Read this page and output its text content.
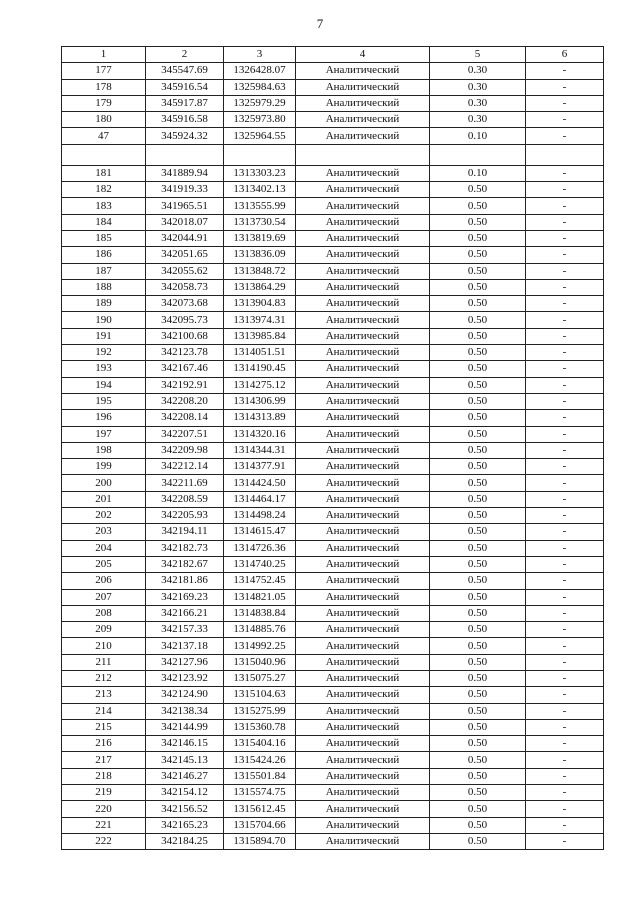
7
1	2	3	4	5	6
177	345547.69	1326428.07	Аналитический	0.30	-
178	345916.54	1325984.63	Аналитический	0.30	-
179	345917.87	1325979.29	Аналитический	0.30	-
180	345916.58	1325973.80	Аналитический	0.30	-
47	345924.32	1325964.55	Аналитический	0.10	-

181	341889.94	1313303.23	Аналитический	0.10	-
182	341919.33	1313402.13	Аналитический	0.50	-
183	341965.51	1313555.99	Аналитический	0.50	-
184	342018.07	1313730.54	Аналитический	0.50	-
185	342044.91	1313819.69	Аналитический	0.50	-
186	342051.65	1313836.09	Аналитический	0.50	-
187	342055.62	1313848.72	Аналитический	0.50	-
188	342058.73	1313864.29	Аналитический	0.50	-
189	342073.68	1313904.83	Аналитический	0.50	-
190	342095.73	1313974.31	Аналитический	0.50	-
191	342100.68	1313985.84	Аналитический	0.50	-
192	342123.78	1314051.51	Аналитический	0.50	-
193	342167.46	1314190.45	Аналитический	0.50	-
194	342192.91	1314275.12	Аналитический	0.50	-
195	342208.20	1314306.99	Аналитический	0.50	-
196	342208.14	1314313.89	Аналитический	0.50	-
197	342207.51	1314320.16	Аналитический	0.50	-
198	342209.98	1314344.31	Аналитический	0.50	-
199	342212.14	1314377.91	Аналитический	0.50	-
200	342211.69	1314424.50	Аналитический	0.50	-
201	342208.59	1314464.17	Аналитический	0.50	-
202	342205.93	1314498.24	Аналитический	0.50	-
203	342194.11	1314615.47	Аналитический	0.50	-
204	342182.73	1314726.36	Аналитический	0.50	-
205	342182.67	1314740.25	Аналитический	0.50	-
206	342181.86	1314752.45	Аналитический	0.50	-
207	342169.23	1314821.05	Аналитический	0.50	-
208	342166.21	1314838.84	Аналитический	0.50	-
209	342157.33	1314885.76	Аналитический	0.50	-
210	342137.18	1314992.25	Аналитический	0.50	-
211	342127.96	1315040.96	Аналитический	0.50	-
212	342123.92	1315075.27	Аналитический	0.50	-
213	342124.90	1315104.63	Аналитический	0.50	-
214	342138.34	1315275.99	Аналитический	0.50	-
215	342144.99	1315360.78	Аналитический	0.50	-
216	342146.15	1315404.16	Аналитический	0.50	-
217	342145.13	1315424.26	Аналитический	0.50	-
218	342146.27	1315501.84	Аналитический	0.50	-
219	342154.12	1315574.75	Аналитический	0.50	-
220	342156.52	1315612.45	Аналитический	0.50	-
221	342165.23	1315704.66	Аналитический	0.50	-
222	342184.25	1315894.70	Аналитический	0.50	-
